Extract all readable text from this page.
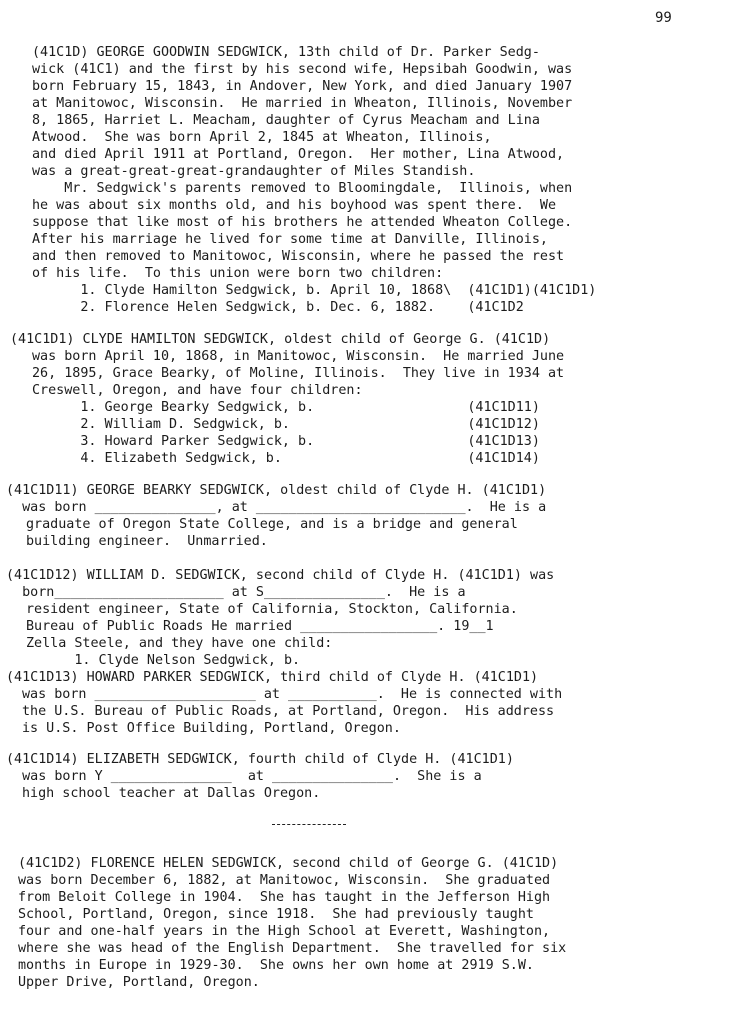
99
(41C1D) GEORGE GOODWIN SEDGWICK, 13th child of Dr. Parker Sedg-
wick (41C1) and the first by his second wife, Hepsibah Goodwin, was
born February 15, 1843, in Andover, New York, and died January 1907
at Manitowoc, Wisconsin.  He married in Wheaton, Illinois, November
8, 1865, Harriet L. Meacham, daughter of Cyrus Meacham and Lina
Atwood.  She was born April 2, 1845 at Wheaton, Illinois,
and died April 1911 at Portland, Oregon.  Her mother, Lina Atwood,
was a great-great-great-grandaughter of Miles Standish.
Mr. Sedgwick's parents removed to Bloomingdale,  Illinois, when
he was about six months old, and his boyhood was spent there.  We
suppose that like most of his brothers he attended Wheaton College.
After his marriage he lived for some time at Danville, Illinois,
and then removed to Manitowoc, Wisconsin, where he passed the rest
of his life.  To this union were born two children:
1. Clyde Hamilton Sedgwick, b. April 10, 1868\  (41C1D1)(41C1D1)
2. Florence Helen Sedgwick, b. Dec. 6, 1882.    (41C1D2
(41C1D1) CLYDE HAMILTON SEDGWICK, oldest child of George G. (41C1D)
was born April 10, 1868, in Manitowoc, Wisconsin.  He married June
26, 1895, Grace Bearky, of Moline, Illinois.  They live in 1934 at
Creswell, Oregon, and have four children:
1. George Bearky Sedgwick, b.                   (41C1D11)
2. William D. Sedgwick, b.                      (41C1D12)
3. Howard Parker Sedgwick, b.                   (41C1D13)
4. Elizabeth Sedgwick, b.                       (41C1D14)
(41C1D11) GEORGE BEARKY SEDGWICK, oldest child of Clyde H. (41C1D1)
was born _______________, at __________________________.  He is a
graduate of Oregon State College, and is a bridge and general
building engineer.  Unmarried.
(41C1D12) WILLIAM D. SEDGWICK, second child of Clyde H. (41C1D1) was
born_____________________ at S_______________.  He is a
resident engineer, State of California, Stockton, California.
Bureau of Public Roads He married _________________. 19__1
Zella Steele, and they have one child:
1. Clyde Nelson Sedgwick, b.
(41C1D13) HOWARD PARKER SEDGWICK, third child of Clyde H. (41C1D1)
was born ____________________ at ___________.  He is connected with
the U.S. Bureau of Public Roads, at Portland, Oregon.  His address
is U.S. Post Office Building, Portland, Oregon.
(41C1D14) ELIZABETH SEDGWICK, fourth child of Clyde H. (41C1D1)
was born Y _______________  at _______________.  She is a
high school teacher at Dallas Oregon.
(41C1D2) FLORENCE HELEN SEDGWICK, second child of George G. (41C1D)
was born December 6, 1882, at Manitowoc, Wisconsin.  She graduated
from Beloit College in 1904.  She has taught in the Jefferson High
School, Portland, Oregon, since 1918.  She had previously taught
four and one-half years in the High School at Everett, Washington,
where she was head of the English Department.  She travelled for six
months in Europe in 1929-30.  She owns her own home at 2919 S.W.
Upper Drive, Portland, Oregon.
